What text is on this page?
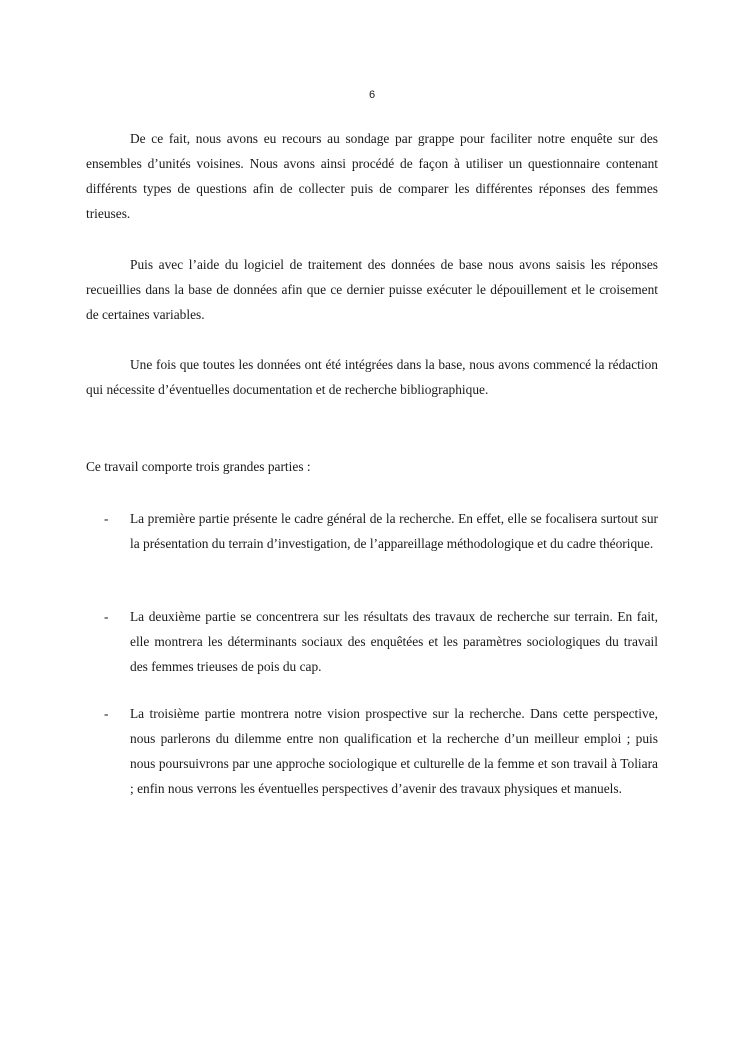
6

De ce fait, nous avons eu recours au sondage par grappe pour faciliter notre enquête sur des ensembles d’unités voisines. Nous avons ainsi procédé de façon à utiliser un questionnaire contenant différents types de questions afin de collecter puis de comparer les différentes réponses des femmes trieuses.

Puis avec l’aide du logiciel de traitement des données de base nous avons saisis les réponses recueillies dans la base de données afin que ce dernier puisse exécuter le dépouillement et le croisement de certaines variables.

Une fois que toutes les données ont été intégrées dans la base, nous avons commencé la rédaction qui nécessite d’éventuelles documentation et de recherche bibliographique.

Ce travail comporte trois grandes parties :

- La première partie présente le cadre général de la recherche. En effet, elle se focalisera surtout sur la présentation du terrain d’investigation, de l’appareillage méthodologique et du cadre théorique.

- La deuxième partie se concentrera sur les résultats des travaux de recherche sur terrain. En fait, elle montrera les déterminants sociaux des enquêtées et les paramètres sociologiques du travail des femmes trieuses de pois du cap.

- La troisième partie montrera notre vision prospective sur la recherche. Dans cette perspective, nous parlerons du dilemme entre non qualification et la recherche d’un meilleur emploi ; puis nous poursuivrons par une approche sociologique et culturelle de la femme et son travail à Toliara ; enfin nous verrons les éventuelles perspectives d’avenir des travaux physiques et manuels.
